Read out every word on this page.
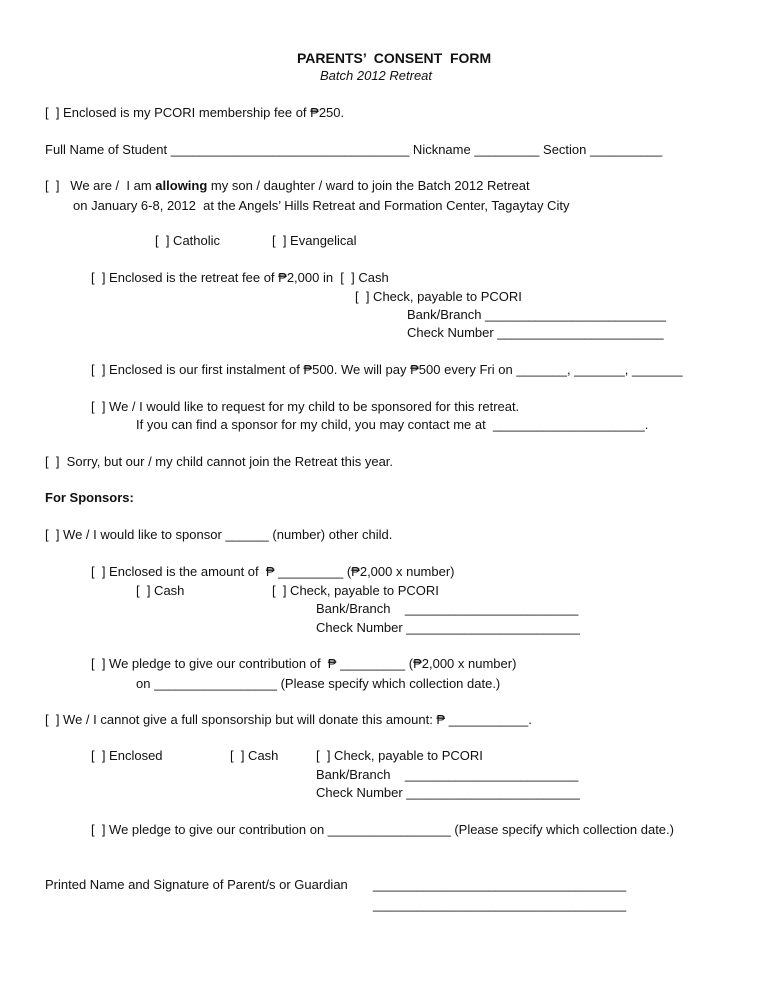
PARENTS’  CONSENT  FORM
Batch 2012 Retreat
[  ] Enclosed is my PCORI membership fee of ₱250.
Full Name of Student _________________________________ Nickname _________ Section __________
[  ]   We are /  I am allowing my son / daughter / ward to join the Batch 2012 Retreat
on January 6-8, 2012  at the Angels’ Hills Retreat and Formation Center, Tagaytay City
[  ] Catholic	[  ] Evangelical
[  ] Enclosed is the retreat fee of ₱2,000 in  [  ] Cash
[  ] Check, payable to PCORI
Bank/Branch _________________________
Check Number _______________________
[  ] Enclosed is our first instalment of ₱500. We will pay ₱500 every Fri on _______, _______, _______
[  ] We / I would like to request for my child to be sponsored for this retreat.
If you can find a sponsor for my child, you may contact me at  _____________________.
[  ]  Sorry, but our / my child cannot join the Retreat this year.
For Sponsors:
[  ] We / I would like to sponsor ______ (number) other child.
[  ] Enclosed is the amount of  ₱ _________ (₱2,000 x number)
[  ] Cash	[  ] Check, payable to PCORI
Bank/Branch    ________________________
Check Number ________________________
[  ] We pledge to give our contribution of  ₱ _________ (₱2,000 x number)
on _________________ (Please specify which collection date.)
[  ] We / I cannot give a full sponsorship but will donate this amount: ₱ ___________.
[  ] Enclosed	[  ] Cash	[  ] Check, payable to PCORI
Bank/Branch    ________________________
Check Number ________________________
[  ] We pledge to give our contribution on _________________ (Please specify which collection date.)
Printed Name and Signature of Parent/s or Guardian ___________________________________
___________________________________
